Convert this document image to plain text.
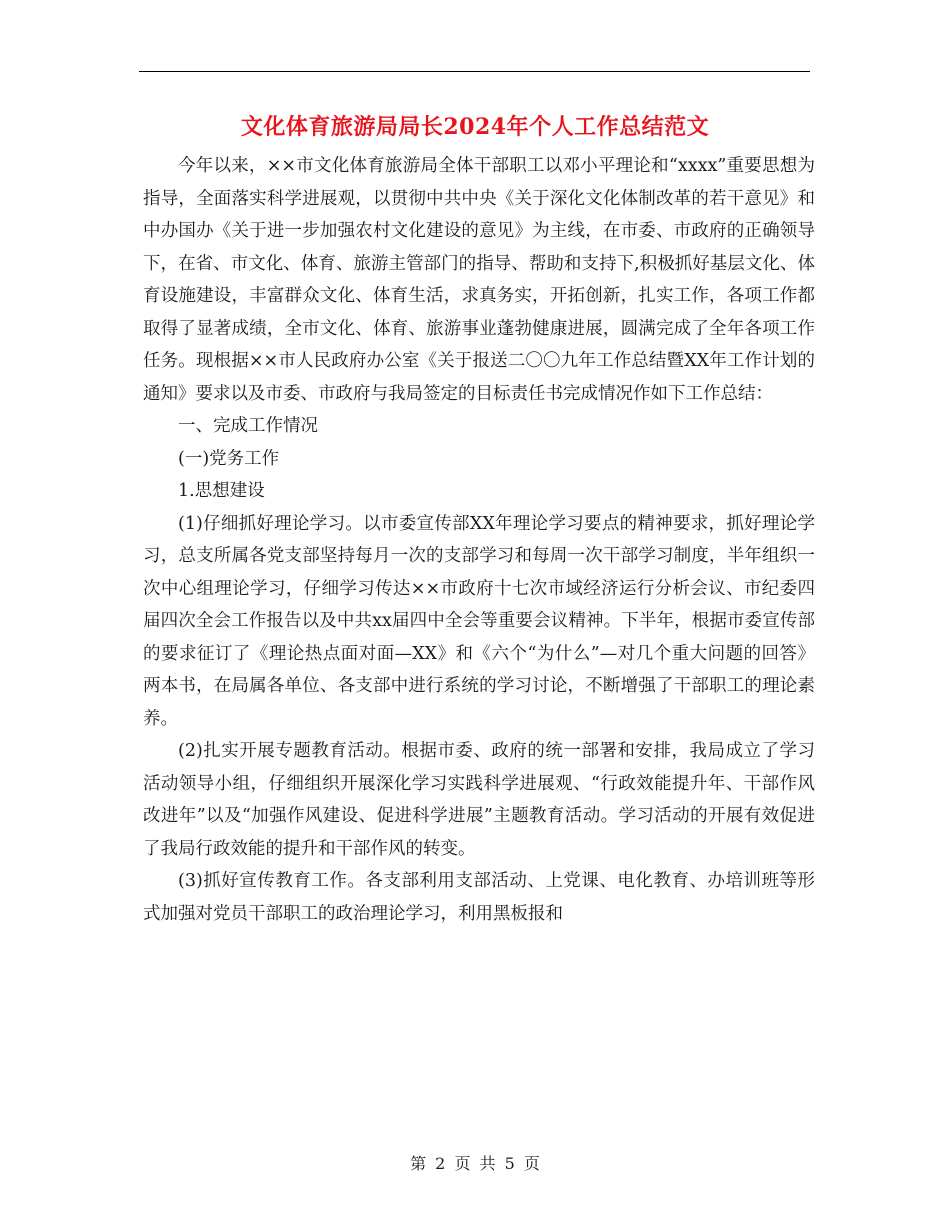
文化体育旅游局局长2024年个人工作总结范文

今年以来，××市文化体育旅游局全体干部职工以邓小平理论和“xxxx”重要思想为指导，全面落实科学进展观，以贯彻中共中央《关于深化文化体制改革的若干意见》和中办国办《关于进一步加强农村文化建设的意见》为主线，在市委、市政府的正确领导下，在省、市文化、体育、旅游主管部门的指导、帮助和支持下,积极抓好基层文化、体育设施建设，丰富群众文化、体育生活，求真务实，开拓创新，扎实工作，各项工作都取得了显著成绩，全市文化、体育、旅游事业蓬勃健康进展，圆满完成了全年各项工作任务。现根据××市人民政府办公室《关于报送二〇〇九年工作总结暨XX年工作计划的通知》要求以及市委、市政府与我局签定的目标责任书完成情况作如下工作总结：

一、完成工作情况

(一)党务工作

1.思想建设

(1)仔细抓好理论学习。以市委宣传部XX年理论学习要点的精神要求，抓好理论学习，总支所属各党支部坚持每月一次的支部学习和每周一次干部学习制度，半年组织一次中心组理论学习，仔细学习传达××市政府十七次市域经济运行分析会议、市纪委四届四次全会工作报告以及中共xx届四中全会等重要会议精神。下半年，根据市委宣传部的要求征订了《理论热点面对面—XX》和《六个“为什么”—对几个重大问题的回答》两本书，在局属各单位、各支部中进行系统的学习讨论，不断增强了干部职工的理论素养。

(2)扎实开展专题教育活动。根据市委、政府的统一部署和安排，我局成立了学习活动领导小组，仔细组织开展深化学习实践科学进展观、“行政效能提升年、干部作风改进年”以及“加强作风建设、促进科学进展”主题教育活动。学习活动的开展有效促进了我局行政效能的提升和干部作风的转变。

(3)抓好宣传教育工作。各支部利用支部活动、上党课、电化教育、办培训班等形式加强对党员干部职工的政治理论学习，利用黑板报和

第 2 页 共 5 页
